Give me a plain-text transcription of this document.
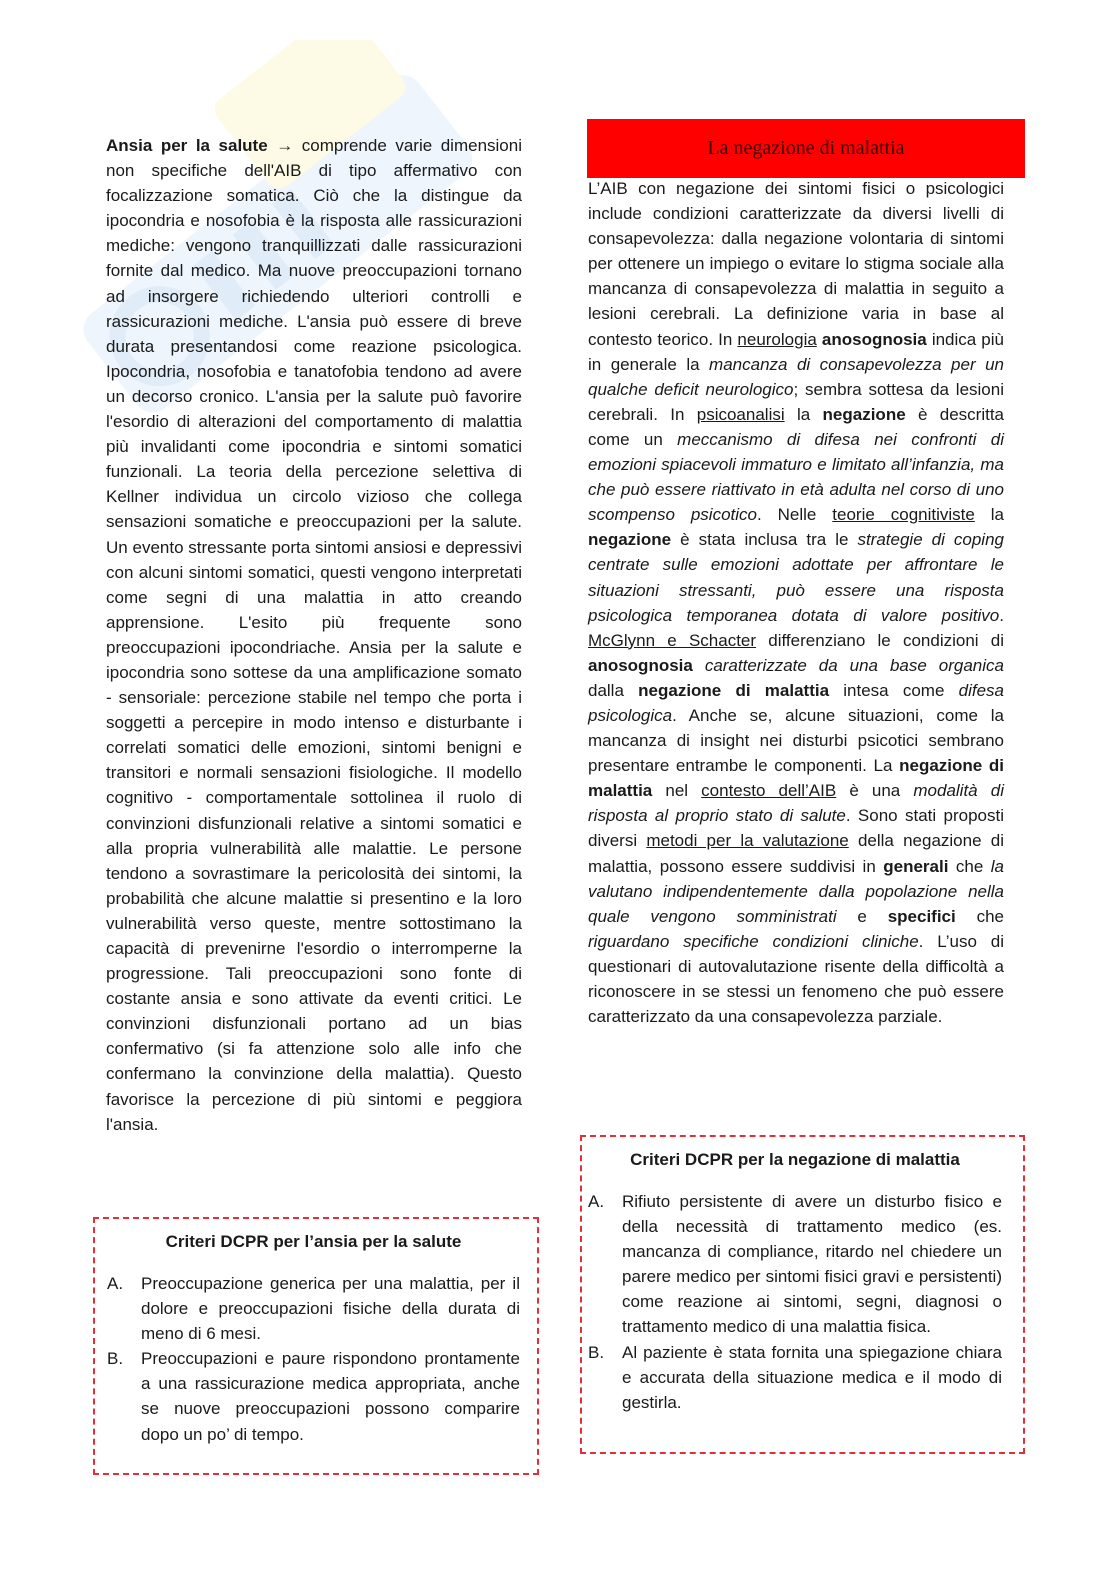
Ansia per la salute → comprende varie dimensioni non specifiche dell'AIB di tipo affermativo con focalizzazione somatica. Ciò che la distingue da ipocondria e nosofobia è la risposta alle rassicurazioni mediche: vengono tranquillizzati dalle rassicurazioni fornite dal medico. Ma nuove preoccupazioni tornano ad insorgere richiedendo ulteriori controlli e rassicurazioni mediche. L'ansia può essere di breve durata presentandosi come reazione psicologica. Ipocondria, nosofobia e tanatofobia tendono ad avere un decorso cronico. L'ansia per la salute può favorire l'esordio di alterazioni del comportamento di malattia più invalidanti come ipocondria e sintomi somatici funzionali. La teoria della percezione selettiva di Kellner individua un circolo vizioso che collega sensazioni somatiche e preoccupazioni per la salute. Un evento stressante porta sintomi ansiosi e depressivi con alcuni sintomi somatici, questi vengono interpretati come segni di una malattia in atto creando apprensione. L'esito più frequente sono preoccupazioni ipocondriache. Ansia per la salute e ipocondria sono sottese da una amplificazione somato - sensoriale: percezione stabile nel tempo che porta i soggetti a percepire in modo intenso e disturbante i correlati somatici delle emozioni, sintomi benigni e transitori e normali sensazioni fisiologiche. Il modello cognitivo - comportamentale sottolinea il ruolo di convinzioni disfunzionali relative a sintomi somatici e alla propria vulnerabilità alle malattie. Le persone tendono a sovrastimare la pericolosità dei sintomi, la probabilità che alcune malattie si presentino e la loro vulnerabilità verso queste, mentre sottostimano la capacità di prevenirne l'esordio o interromperne la progressione. Tali preoccupazioni sono fonte di costante ansia e sono attivate da eventi critici. Le convinzioni disfunzionali portano ad un bias confermativo (si fa attenzione solo alle info che confermano la convinzione della malattia). Questo favorisce la percezione di più sintomi e peggiora l'ansia.

Criteri DCPR per l’ansia per la salute
A.	Preoccupazione generica per una malattia, per il dolore e preoccupazioni fisiche della durata di meno di 6 mesi.
B.	Preoccupazioni e paure rispondono prontamente a una rassicurazione medica appropriata, anche se nuove preoccupazioni possono comparire dopo un po’ di tempo.
La negazione di malattia

L’AIB con negazione dei sintomi fisici o psicologici include condizioni caratterizzate da diversi livelli di consapevolezza: dalla negazione volontaria di sintomi per ottenere un impiego o evitare lo stigma sociale alla mancanza di consapevolezza di malattia in seguito a lesioni cerebrali. La definizione varia in base al contesto teorico. In neurologia anosognosia indica più in generale la mancanza di consapevolezza per un qualche deficit neurologico; sembra sottesa da lesioni cerebrali. In psicoanalisi la negazione è descritta come un meccanismo di difesa nei confronti di emozioni spiacevoli immaturo e limitato all’infanzia, ma che può essere riattivato in età adulta nel corso di uno scompenso psicotico. Nelle teorie cognitiviste la negazione è stata inclusa tra le strategie di coping centrate sulle emozioni adottate per affrontare le situazioni stressanti, può essere una risposta psicologica temporanea dotata di valore positivo. McGlynn e Schacter differenziano le condizioni di anosognosia caratterizzate da una base organica dalla negazione di malattia intesa come difesa psicologica. Anche se, alcune situazioni, come la mancanza di insight nei disturbi psicotici sembrano presentare entrambe le componenti. La negazione di malattia nel contesto dell’AIB è una modalità di risposta al proprio stato di salute. Sono stati proposti diversi metodi per la valutazione della negazione di malattia, possono essere suddivisi in generali che la valutano indipendentemente dalla popolazione nella quale vengono somministrati e specifici che riguardano specifiche condizioni cliniche. L’uso di questionari di autovalutazione risente della difficoltà a riconoscere in se stessi un fenomeno che può essere caratterizzato da una consapevolezza parziale.

Criteri DCPR per la negazione di malattia
A.	Rifiuto persistente di avere un disturbo fisico e della necessità di trattamento medico (es. mancanza di compliance, ritardo nel chiedere un parere medico per sintomi fisici gravi e persistenti) come reazione ai sintomi, segni, diagnosi o trattamento medico di una malattia fisica.
B.	Al paziente è stata fornita una spiegazione chiara e accurata della situazione medica e il modo di gestirla.
